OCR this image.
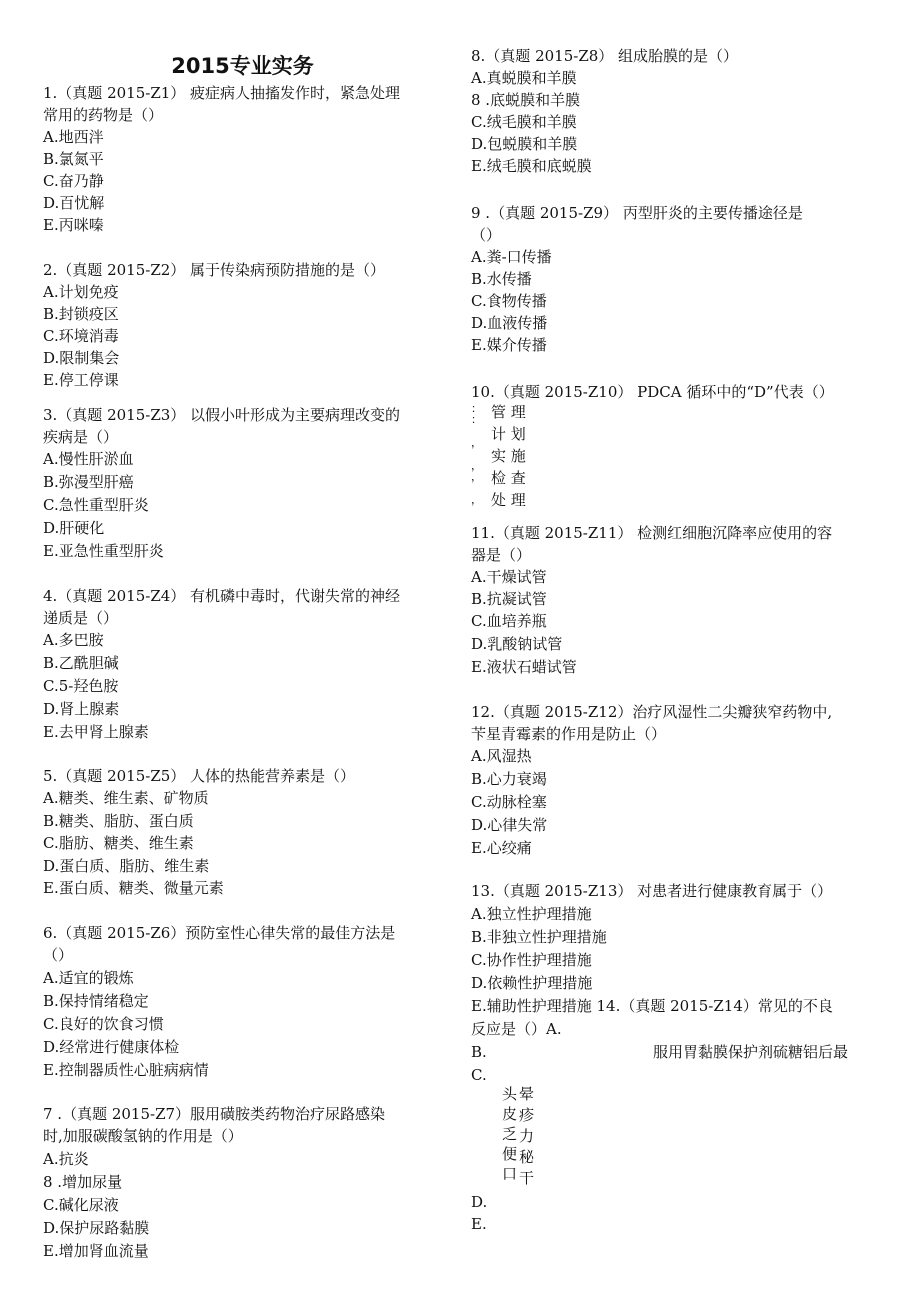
2015专业实务
1.（真题 2015-Z1） 疲症病人抽搐发作时，紧急处理
常用的药物是（）
A.地西泮
B.氯氮平
C.奋乃静
D.百忧解
E.丙咪嗪
2.（真题 2015-Z2） 属于传染病预防措施的是（）
A.计划免疫
B.封锁疫区
C.环境消毒
D.限制集会
E.停工停课
3.（真题 2015-Z3） 以假小叶形成为主要病理改变的
疾病是（）
A.慢性肝淤血
B.弥漫型肝癌
C.急性重型肝炎
D.肝硬化
E.亚急性重型肝炎
4.（真题 2015-Z4） 有机磷中毒时，代谢失常的神经
递质是（）
A.多巴胺
B.乙酰胆碱
C.5-羟色胺
D.肾上腺素
E.去甲肾上腺素
5.（真题 2015-Z5） 人体的热能营养素是（）
A.糖类、维生素、矿物质
B.糖类、脂肪、蛋白质
C.脂肪、糖类、维生素
D.蛋白质、脂肪、维生素
E.蛋白质、糖类、微量元素
6.（真题 2015-Z6）预防室性心律失常的最佳方法是
（）
A.适宜的锻炼
B.保持情绪稳定
C.良好的饮食习惯
D.经常进行健康体检
E.控制器质性心脏病病情
7 .（真题 2015-Z7）服用磺胺类药物治疗尿路感染
时,加服碳酸氢钠的作用是（）
A.抗炎
8 .增加尿量
C.碱化尿液
D.保护尿路黏膜
E.增加肾血流量
8.（真题 2015-Z8） 组成胎膜的是（）
A.真蜕膜和羊膜
8 .底蜕膜和羊膜
C.绒毛膜和羊膜
D.包蜕膜和羊膜
E.绒毛膜和底蜕膜
9 .（真题 2015-Z9） 丙型肝炎的主要传播途径是
（）
A.粪-口传播
B.水传播
C.食物传播
D.血液传播
E.媒介传播
10.（真题 2015-Z10） PDCA 循环中的“D”代表（）
：
：
，
，
，
，
管 理
计 划
实 施
检 查
处 理
11.（真题 2015-Z11） 检测红细胞沉降率应使用的容
器是（）
A.干燥试管
B.抗凝试管
C.血培养瓶
D.乳酸钠试管
E.液状石蜡试管
12.（真题 2015-Z12）治疗风湿性二尖瓣狭窄药物中,
苄星青霉素的作用是防止（）
A.风湿热
B.心力衰竭
C.动脉栓塞
D.心律失常
E.心绞痛
13.（真题 2015-Z13） 对患者进行健康教育属于（）
A.独立性护理措施
B.非独立性护理措施
C.协作性护理措施
D.依赖性护理措施
E.辅助性护理措施 14.（真题 2015-Z14）常见的不良
反应是（）A.
B.	服用胃黏膜保护剂硫糖铝后最
C.
头
皮
乏
便
口
晕
疹
力
秘
干
D.
E.
